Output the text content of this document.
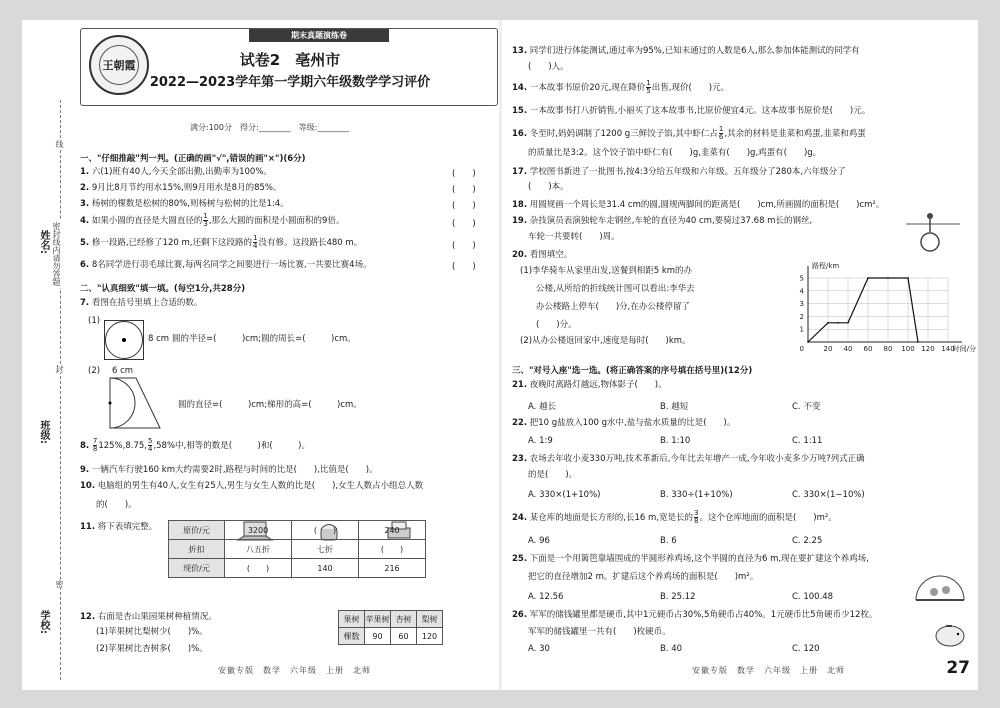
姓名:
班级:
学校:
密封线内请勿答题
线
封
密
期末真题演练卷
王朝霞	试卷2　亳州市
2022—2023学年第一学期六年级数学学习评价
满分:100分　得分:________　等级:________
一、"仔细推敲"判一判。(正确的画"√",错误的画"×")(6分)
1. 六(1)班有40人,今天全部出勤,出勤率为100%。	(　　)
2. 9月比8月节约用水15%,则9月用水是8月的85%。	(　　)
3. 杨树的棵数是松树的80%,则杨树与松树的比是1:4。	(　　)
4. 如果小圆的直径是大圆直径的 $\frac{1}{3}$ ,那么大圆的面积是小圆面积的9倍。	(　　)
5. 修一段路,已经修了120 m,还剩下这段路的 $\frac{1}{4}$ 没有修。这段路长480 m。	(　　)
6. 8名同学进行羽毛球比赛,每两名同学之间要进行一场比赛,一共要比赛4场。	(　　)
二、"认真细致"填一填。(每空1分,共28分)
7. 看图在括号里填上合适的数。
(1)
8 cm 圆的半径=(　　　)cm;圆的周长=(　　　)cm。
(2) 6 cm
圆的直径=(　　　)cm;梯形的高=(　　　)cm。
8. $\frac{7}{8} 125\%,8.75$, $\frac{5}{4} ,58\%$中,相等的数是(　　　)和(　　　)。
9. 一辆汽车行驶160 km大约需要2时,路程与时间的比是(　　),比值是(　　)。
10. 电脑组的男生有40人,女生有25人,男生与女生人数的比是(　　),女生人数占小组总人数
的(　　)。
11. 将下表填完整。	原价/元	3200	(　　)	240
折扣	八五折	七折	(　　)
现价/元	(　　)	140	216
12. 右面是杏山果园果树种植情况。
(1)苹果树比梨树少(　　)%。
(2)苹果树比杏树多(　　)%。
果树	苹果树	杏树	梨树
棵数	90	60	120
安徽专版　数学　六年级　上册　北师
13. 同学们进行体能测试,通过率为95%,已知未通过的人数是6人,那么参加体能测试的同学有
(　　)人。
14. 一本故事书原价20元,现在降价 $\frac{1}{5}$ 出售,现价(　　)元。
15. 一本故事书打八折销售,小丽买了这本故事书,比原价便宜4元。这本故事书原价是(　　)元。
16. 冬至时,妈妈调制了1200 g三鲜饺子馅,其中虾仁占 $\frac{1}{6}$ ,其余的材料是韭菜和鸡蛋,韭菜和鸡蛋
的质量比是3:2。这个饺子馅中虾仁有(　　)g,韭菜有(　　)g,鸡蛋有(　　)g。
17. 学校图书新进了一批图书,按4:3分给五年级和六年级。五年级分了280本,六年级分了
(　　)本。
18. 用圆规画一个周长是31.4 cm的圆,圆规两脚间的距离是(　　)cm,所画圆的面积是(　　)cm²。
19. 杂技演员表演独轮车走钢丝,车轮的直径为40 cm,要骑过37.68 m长的钢丝,
车轮一共要转(　　)周。
20. 看图填空。
(1)李华骑车从家里出发,送餐到相距5 km的办
公楼,从所给的折线统计图可以看出:李华去
办公楼路上停车(　　)分,在办公楼停留了
(　　)分。
(2)从办公楼返回家中,速度是每时(　　)km。
1
2
3
4
5
20 40 60 80 100 120 140
0
路程/km
时间/分
三、"对号入座"选一选。(将正确答案的序号填在括号里)(12分)
21. 夜晚时离路灯越远,物体影子(　　)。
A. 越长	B. 越短	C. 不变
22. 把10 g盐放入100 g水中,盐与盐水质量的比是(　　)。
A. 1:9	B. 1:10	C. 1:11
23. 农场去年收小麦330万吨,技术革新后,今年比去年增产一成,今年收小麦多少万吨?列式正确
的是(　　)。
A. 330×(1+10%)	B. 330÷(1+10%)	C. 330×(1−10%)
24. 某仓库的地面是长方形的,长16 m,宽是长的 $\frac{3}{8}$ 。这个仓库地面的面积是(　　)m²。
A. 96	B. 6	C. 2.25
25. 下面是一个用篱笆靠墙围成的半圆形养鸡场,这个半圆的直径为6 m,现在要扩建这个养鸡场,
把它的直径增加2 m。扩建后这个养鸡场的面积是(　　)m²。
A. 12.56	B. 25.12	C. 100.48
26. 军军的储钱罐里都是硬币,其中1元硬币占30%,5角硬币占40%。1元硬币比5角硬币少12枚。
军军的储钱罐里一共有(　　)枚硬币。
A. 30	B. 40	C. 120
安徽专版　数学　六年级　上册　北师	27
